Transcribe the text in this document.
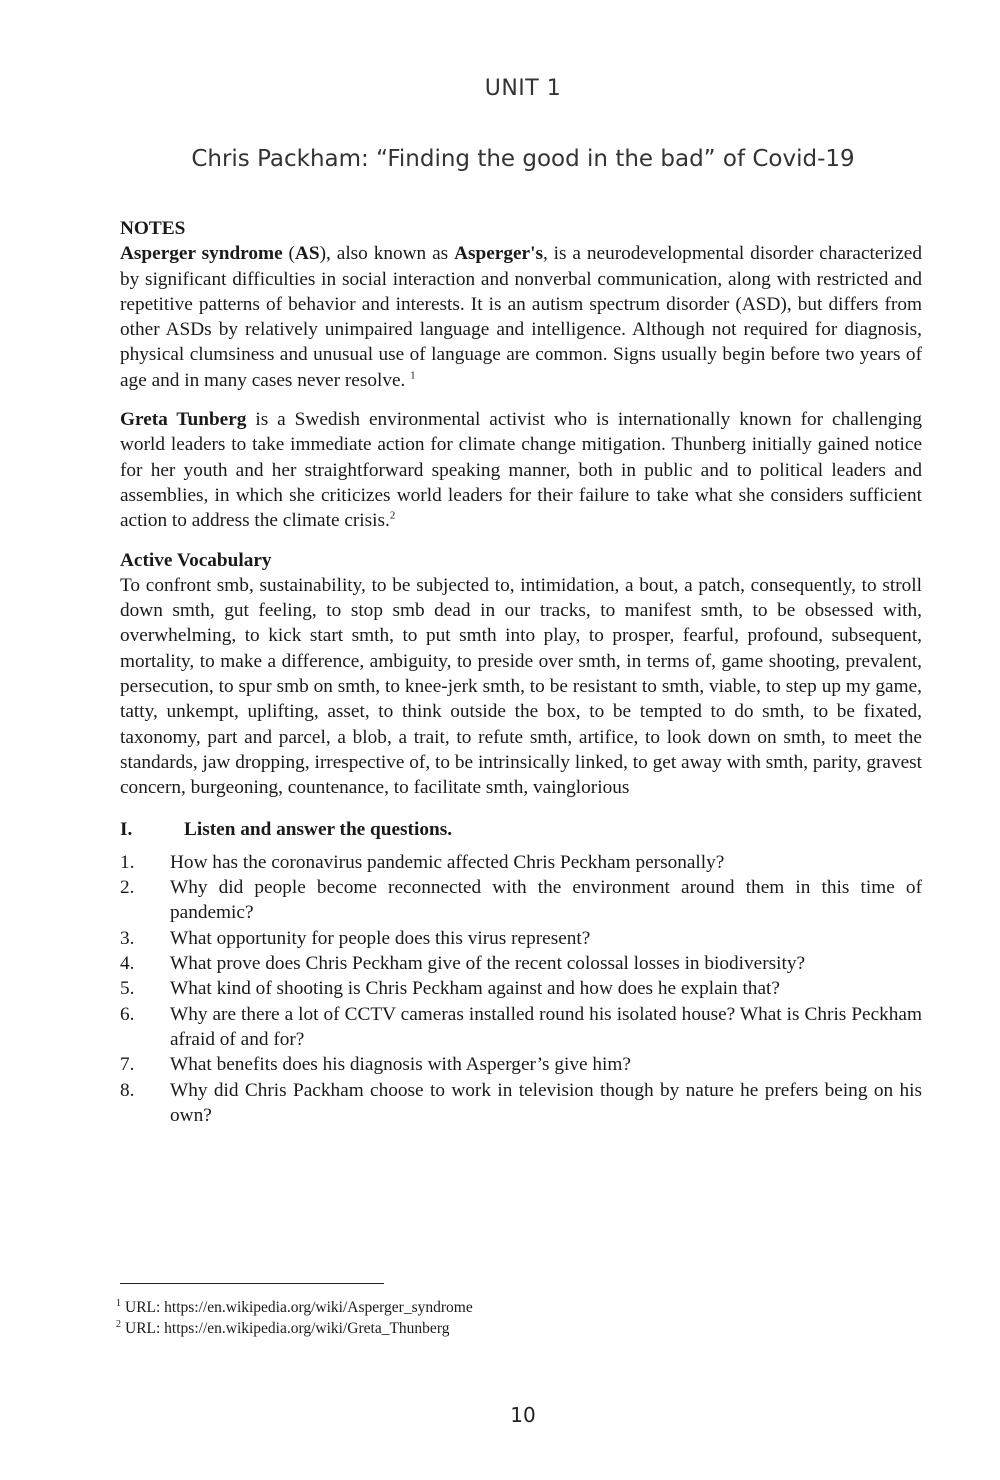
UNIT 1
Chris Packham: “Finding the good in the bad” of Covid-19

NOTES

Asperger syndrome (AS), also known as Asperger's, is a neurodevelopmental disorder characterized by significant difficulties in social interaction and nonverbal communication, along with restricted and repetitive patterns of behavior and interests. It is an autism spectrum disorder (ASD), but differs from other ASDs by relatively unimpaired language and intelligence. Although not required for diagnosis, physical clumsiness and unusual use of language are common. Signs usually begin before two years of age and in many cases never resolve. $^1$

Greta Tunberg is a Swedish environmental activist who is internationally known for challenging world leaders to take immediate action for climate change mitigation. Thunberg initially gained notice for her youth and her straightforward speaking manner, both in public and to political leaders and assemblies, in which she criticizes world leaders for their failure to take what she considers sufficient action to address the climate crisis.$^2$

Active Vocabulary

To confront smb, sustainability, to be subjected to, intimidation, a bout, a patch, consequently, to stroll down smth, gut feeling, to stop smb dead in our tracks, to manifest smth, to be obsessed with, overwhelming, to kick start smth, to put smth into play, to prosper, fearful, profound, subsequent, mortality, to make a difference, ambiguity, to preside over smth, in terms of, game shooting, prevalent, persecution, to spur smb on smth, to knee-jerk smth, to be resistant to smth, viable, to step up my game, tatty, unkempt, uplifting, asset, to think outside the box, to be tempted to do smth, to be fixated, taxonomy, part and parcel, a blob, a trait, to refute smth, artifice, to look down on smth, to meet the standards, jaw dropping, irrespective of, to be intrinsically linked, to get away with smth, parity, gravest concern, burgeoning, countenance, to facilitate smth, vainglorious

I.	Listen and answer the questions.
1.	How has the coronavirus pandemic affected Chris Peckham personally?
2.	Why did people become reconnected with the environment around them in this time of pandemic?
3.	What opportunity for people does this virus represent?
4.	What prove does Chris Peckham give of the recent colossal losses in biodiversity?
5.	What kind of shooting is Chris Peckham against and how does he explain that?
6.	Why are there a lot of CCTV cameras installed round his isolated house? What is Chris Peckham afraid of and for?
7.	What benefits does his diagnosis with Asperger’s give him?
8.	Why did Chris Packham choose to work in television though by nature he prefers being on his own?
$^1$ URL: https://en.wikipedia.org/wiki/Asperger_syndrome
$^2$ URL: https://en.wikipedia.org/wiki/Greta_Thunberg
10
